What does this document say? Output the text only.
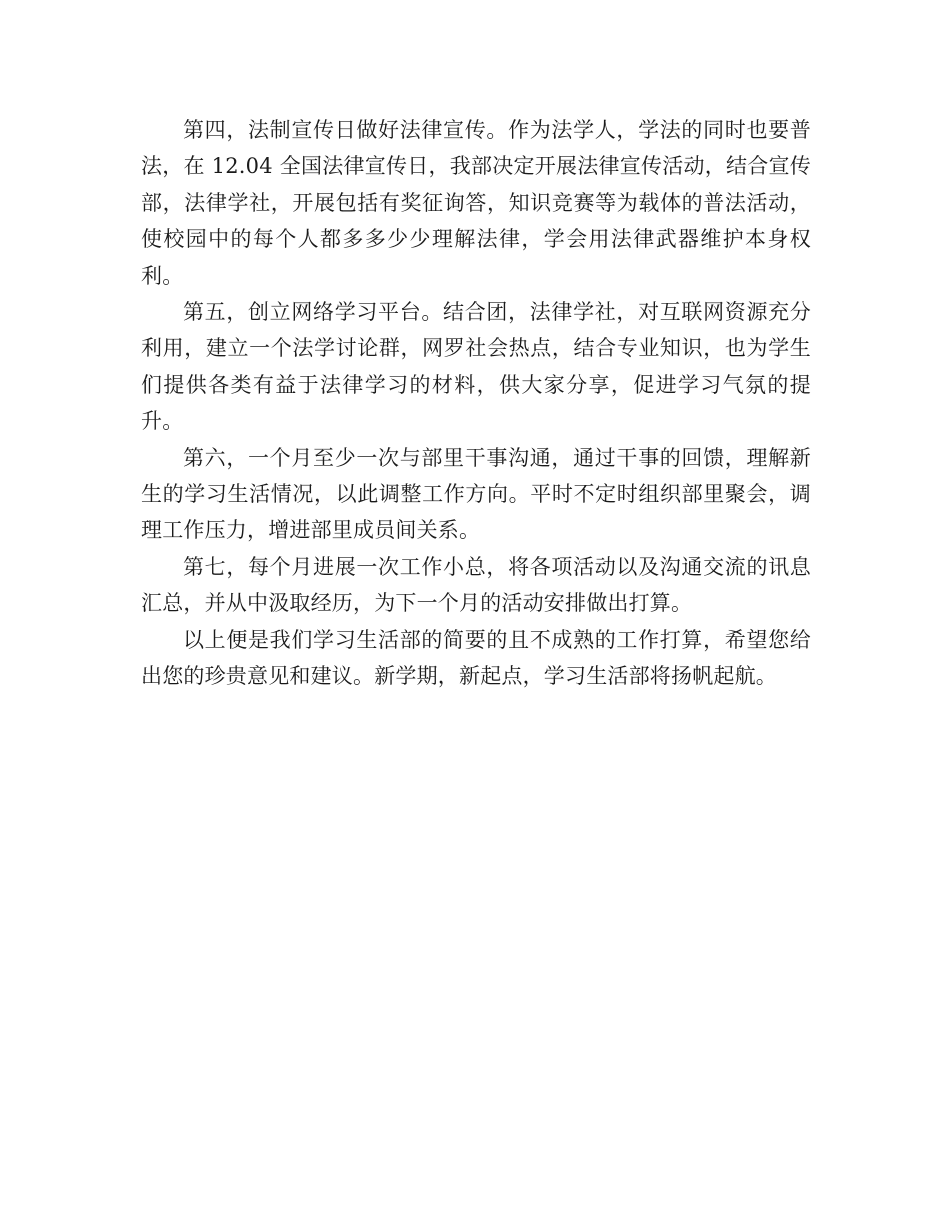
第四，法制宣传日做好法律宣传。作为法学人，学法的同时也要普法，在 12.04 全国法律宣传日，我部决定开展法律宣传活动，结合宣传部，法律学社，开展包括有奖征询答，知识竞赛等为载体的普法活动，使校园中的每个人都多多少少理解法律，学会用法律武器维护本身权利。

第五，创立网络学习平台。结合团，法律学社，对互联网资源充分利用，建立一个法学讨论群，网罗社会热点，结合专业知识，也为学生们提供各类有益于法律学习的材料，供大家分享，促进学习气氛的提升。

第六，一个月至少一次与部里干事沟通，通过干事的回馈，理解新生的学习生活情况，以此调整工作方向。平时不定时组织部里聚会，调理工作压力，增进部里成员间关系。

第七，每个月进展一次工作小总，将各项活动以及沟通交流的讯息汇总，并从中汲取经历，为下一个月的活动安排做出打算。

以上便是我们学习生活部的简要的且不成熟的工作打算，希望您给出您的珍贵意见和建议。新学期，新起点，学习生活部将扬帆起航。
